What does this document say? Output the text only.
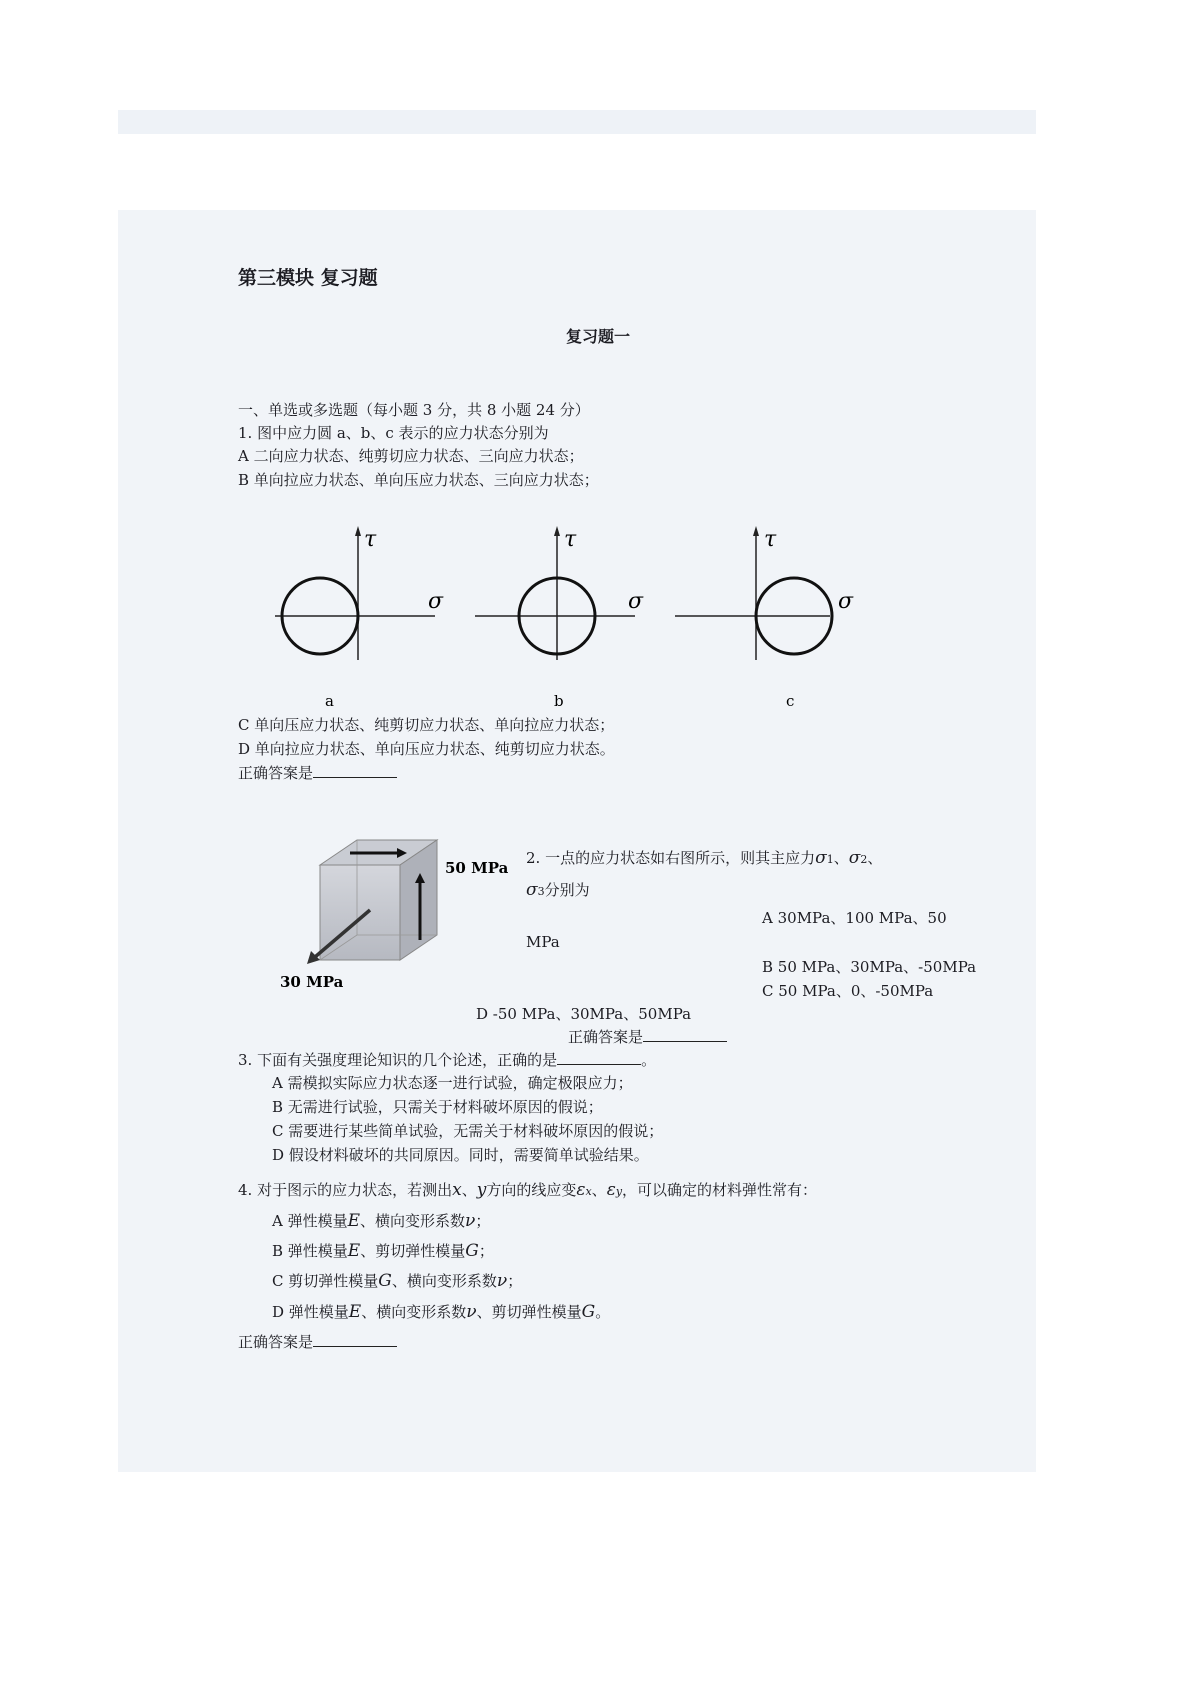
第三模块 复习题
复习题一
一、单选或多选题（每小题 3 分，共 8 小题 24 分）
1. 图中应力圆 a、b、c 表示的应力状态分别为
A 二向应力状态、纯剪切应力状态、三向应力状态；
B 单向拉应力状态、单向压应力状态、三向应力状态；
τ
σ
a
τ
σ
b
τ
σ
c
C 单向压应力状态、纯剪切应力状态、单向拉应力状态；
D 单向拉应力状态、单向压应力状态、纯剪切应力状态。
正确答案是
50 MPa
30 MPa
2. 一点的应力状态如右图所示，则其主应力σ1、σ2、
σ3分别为
A 30MPa、100 MPa、50
MPa
B 50 MPa、30MPa、-50MPa
C 50 MPa、0、-50MPa
D -50 MPa、30MPa、50MPa
正确答案是
3. 下面有关强度理论知识的几个论述，正确的是	。
A 需模拟实际应力状态逐一进行试验，确定极限应力；
B 无需进行试验，只需关于材料破坏原因的假说；
C 需要进行某些简单试验，无需关于材料破坏原因的假说；
D 假设材料破坏的共同原因。同时，需要简单试验结果。
4. 对于图示的应力状态，若测出x、y方向的线应变εx、εy，可以确定的材料弹性常有：
A 弹性模量E、横向变形系数ν；
B 弹性模量E、剪切弹性模量G；
C 剪切弹性模量G、横向变形系数ν；
D 弹性模量E、横向变形系数ν、剪切弹性模量G。
正确答案是
